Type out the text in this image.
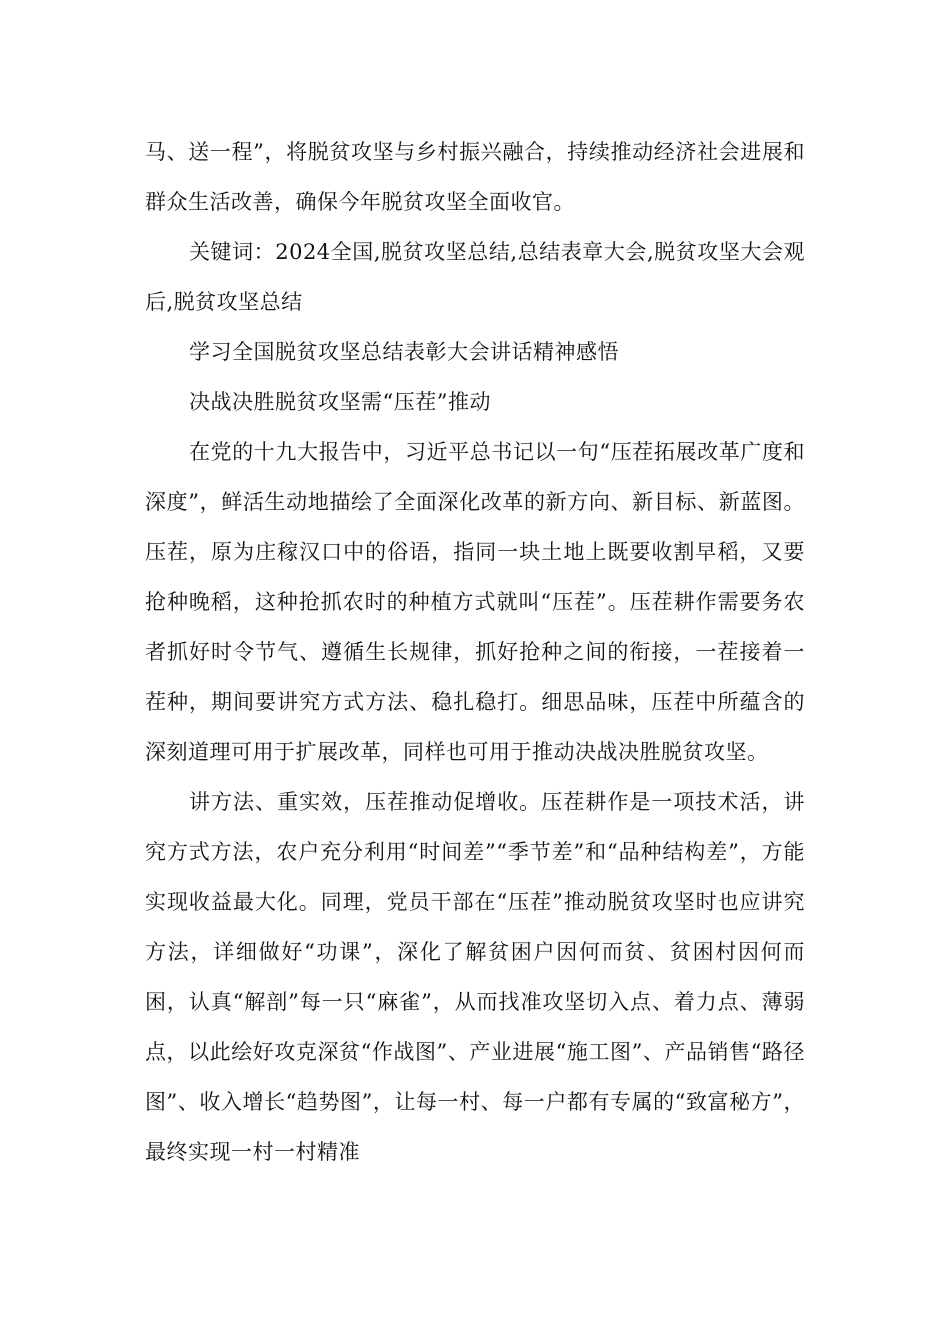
马、送一程”，将脱贫攻坚与乡村振兴融合，持续推动经济社会进展和群众生活改善，确保今年脱贫攻坚全面收官。

关键词：2024全国,脱贫攻坚总结,总结表章大会,脱贫攻坚大会观后,脱贫攻坚总结

学习全国脱贫攻坚总结表彰大会讲话精神感悟

决战决胜脱贫攻坚需“压茬”推动

在党的十九大报告中，习近平总书记以一句“压茬拓展改革广度和深度”，鲜活生动地描绘了全面深化改革的新方向、新目标、新蓝图。压茬，原为庄稼汉口中的俗语，指同一块土地上既要收割早稻，又要抢种晚稻，这种抢抓农时的种植方式就叫“压茬”。压茬耕作需要务农者抓好时令节气、遵循生长规律，抓好抢种之间的衔接，一茬接着一茬种，期间要讲究方式方法、稳扎稳打。细思品味，压茬中所蕴含的深刻道理可用于扩展改革，同样也可用于推动决战决胜脱贫攻坚。

讲方法、重实效，压茬推动促增收。压茬耕作是一项技术活，讲究方式方法，农户充分利用“时间差”“季节差”和“品种结构差”，方能实现收益最大化。同理，党员干部在“压茬”推动脱贫攻坚时也应讲究方法，详细做好“功课”，深化了解贫困户因何而贫、贫困村因何而困，认真“解剖”每一只“麻雀”，从而找准攻坚切入点、着力点、薄弱点，以此绘好攻克深贫“作战图”、产业进展“施工图”、产品销售“路径图”、收入增长“趋势图”，让每一村、每一户都有专属的“致富秘方”，最终实现一村一村精准
